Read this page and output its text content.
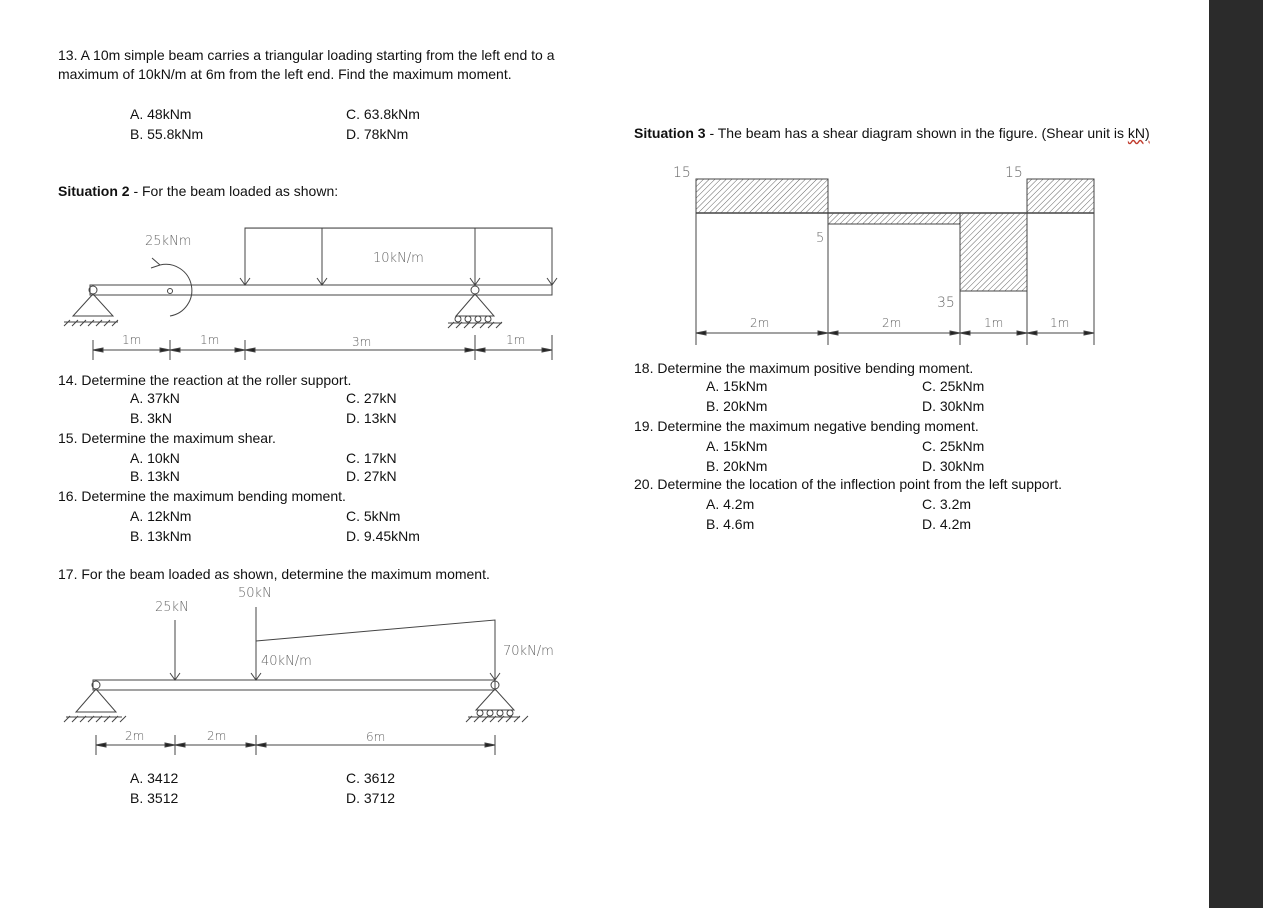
13. A 10m simple beam carries a triangular loading starting from the left end to a maximum of 10kN/m at 6m from the left end. Find the maximum moment.
A. 48kNm
B. 55.8kNm
C. 63.8kNm
D. 78kNm
Situation 2 - For the beam loaded as shown:
25kNm
10kN/m
1m	1m	3m	1m
14. Determine the reaction at the roller support.
A. 37kN
B. 3kN
C. 27kN
D. 13kN
15. Determine the maximum shear.
A. 10kN
B. 13kN
C. 17kN
D. 27kN
16. Determine the maximum bending moment.
A. 12kNm
B. 13kNm
C. 5kNm
D. 9.45kNm
17. For the beam loaded as shown, determine the maximum moment.
25kN
50kN
40kN/m
70kN/m
2m	2m	6m
A. 3412
B. 3512
C. 3612
D. 3712
Situation 3 - The beam has a shear diagram shown in the figure. (Shear unit is kN)
15	15
5
35
2m	2m	1m	1m
18. Determine the maximum positive bending moment.
A. 15kNm
B. 20kNm
C. 25kNm
D. 30kNm
19. Determine the maximum negative bending moment.
A. 15kNm
B. 20kNm
C. 25kNm
D. 30kNm
20. Determine the location of the inflection point from the left support.
A. 4.2m
B. 4.6m
C. 3.2m
D. 4.2m
